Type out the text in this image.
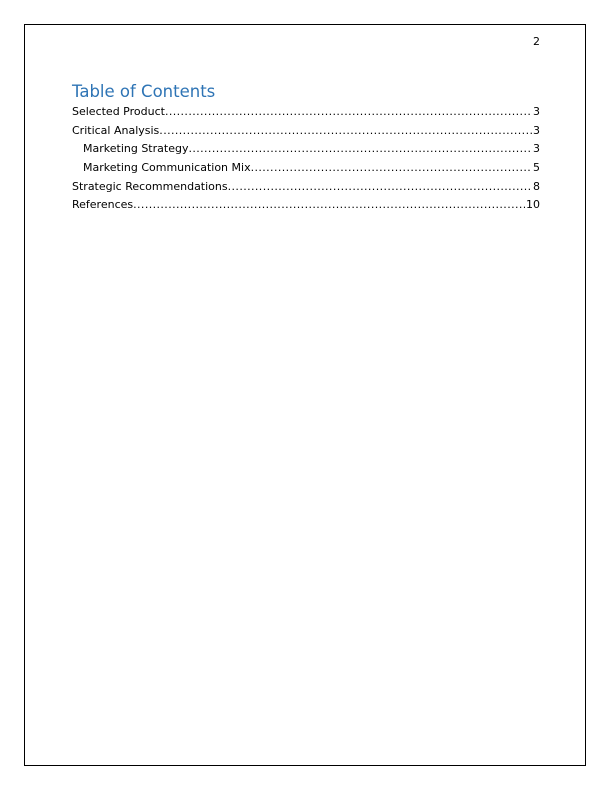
2
Table of Contents
Selected Product .....	3
Critical Analysis .....	3
Marketing Strategy .....	3
Marketing Communication Mix .....	5
Strategic Recommendations .....	8
References .....	10
